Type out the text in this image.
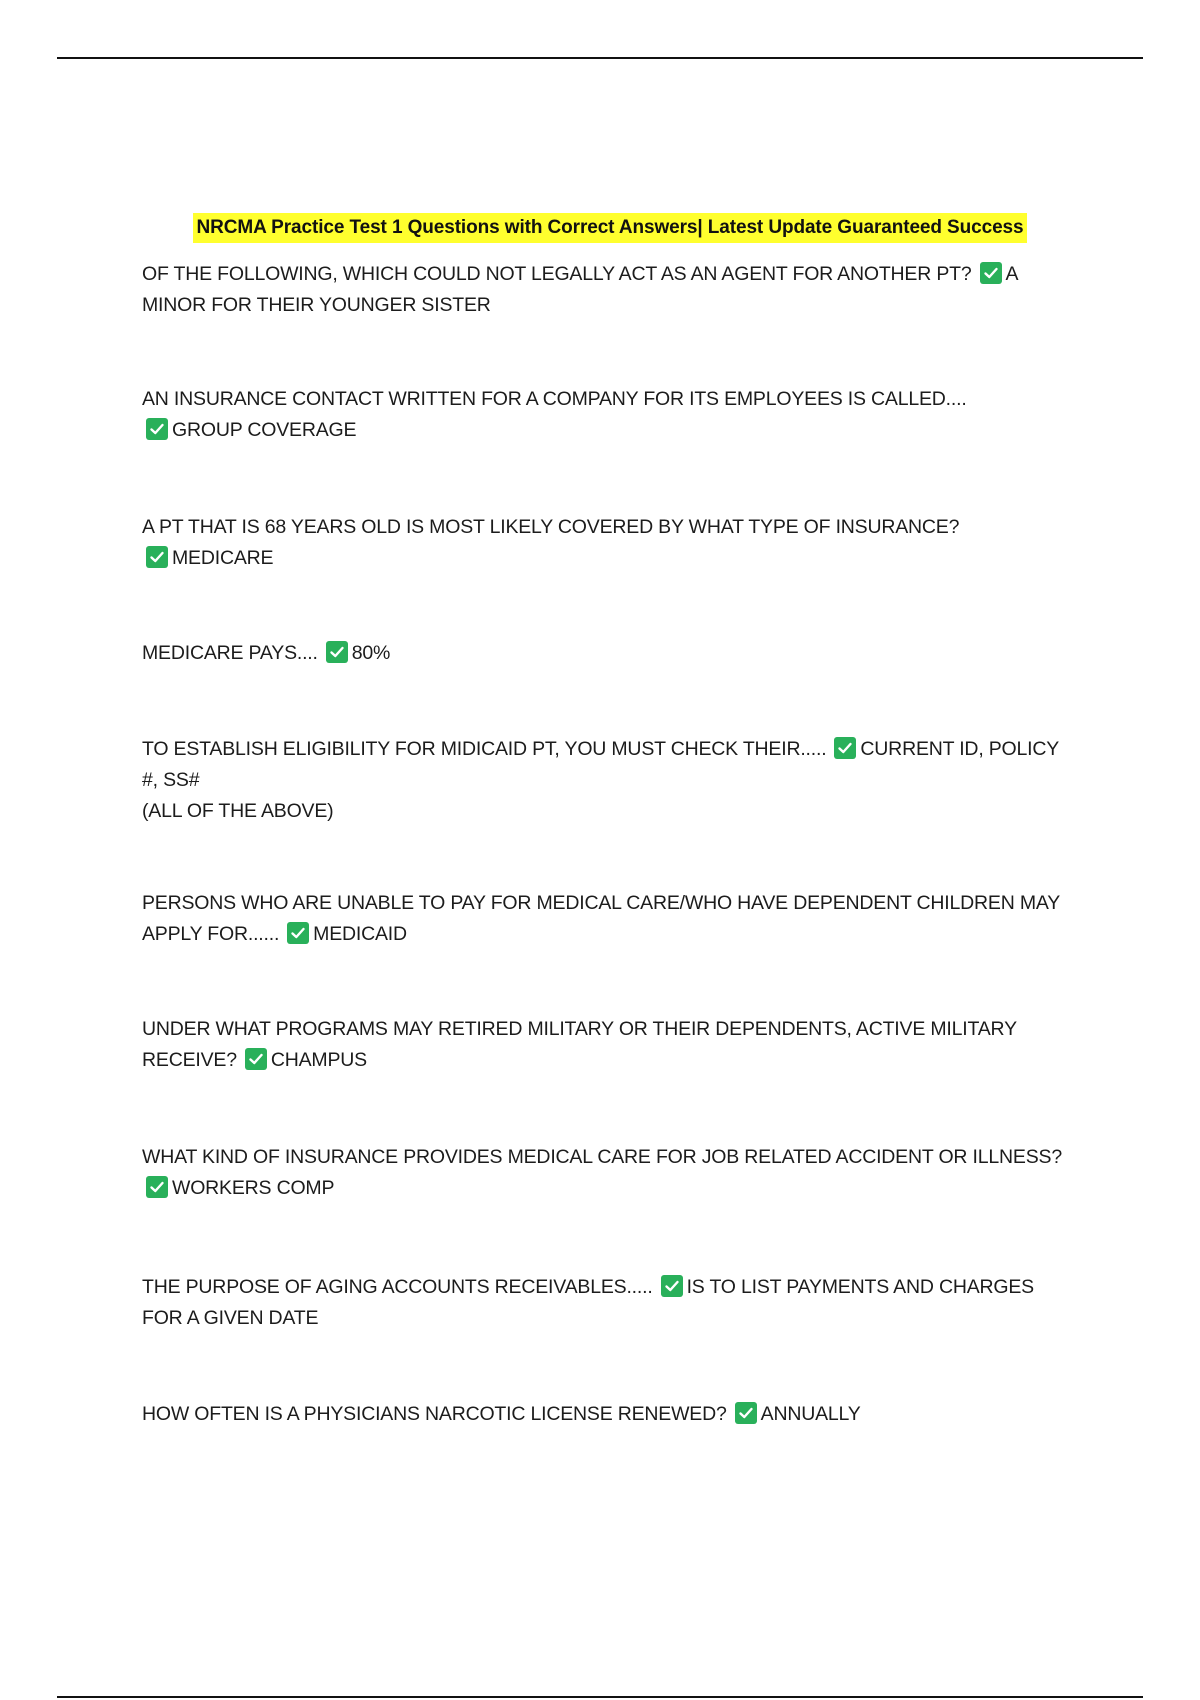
NRCMA Practice Test 1 Questions with Correct Answers| Latest Update Guaranteed Success

OF THE FOLLOWING, WHICH COULD NOT LEGALLY ACT AS AN AGENT FOR ANOTHER PT? A MINOR FOR THEIR YOUNGER SISTER

AN INSURANCE CONTACT WRITTEN FOR A COMPANY FOR ITS EMPLOYEES IS CALLED....

GROUP COVERAGE

A PT THAT IS 68 YEARS OLD IS MOST LIKELY COVERED BY WHAT TYPE OF INSURANCE?

MEDICARE

MEDICARE PAYS.... 80%

TO ESTABLISH ELIGIBILITY FOR MIDICAID PT, YOU MUST CHECK THEIR..... CURRENT ID, POLICY #, SS#

(ALL OF THE ABOVE)

PERSONS WHO ARE UNABLE TO PAY FOR MEDICAL CARE/WHO HAVE DEPENDENT CHILDREN MAY APPLY FOR...... MEDICAID

UNDER WHAT PROGRAMS MAY RETIRED MILITARY OR THEIR DEPENDENTS, ACTIVE MILITARY RECEIVE? CHAMPUS

WHAT KIND OF INSURANCE PROVIDES MEDICAL CARE FOR JOB RELATED ACCIDENT OR ILLNESS?

WORKERS COMP

THE PURPOSE OF AGING ACCOUNTS RECEIVABLES..... IS TO LIST PAYMENTS AND CHARGES FOR A GIVEN DATE

HOW OFTEN IS A PHYSICIANS NARCOTIC LICENSE RENEWED? ANNUALLY
